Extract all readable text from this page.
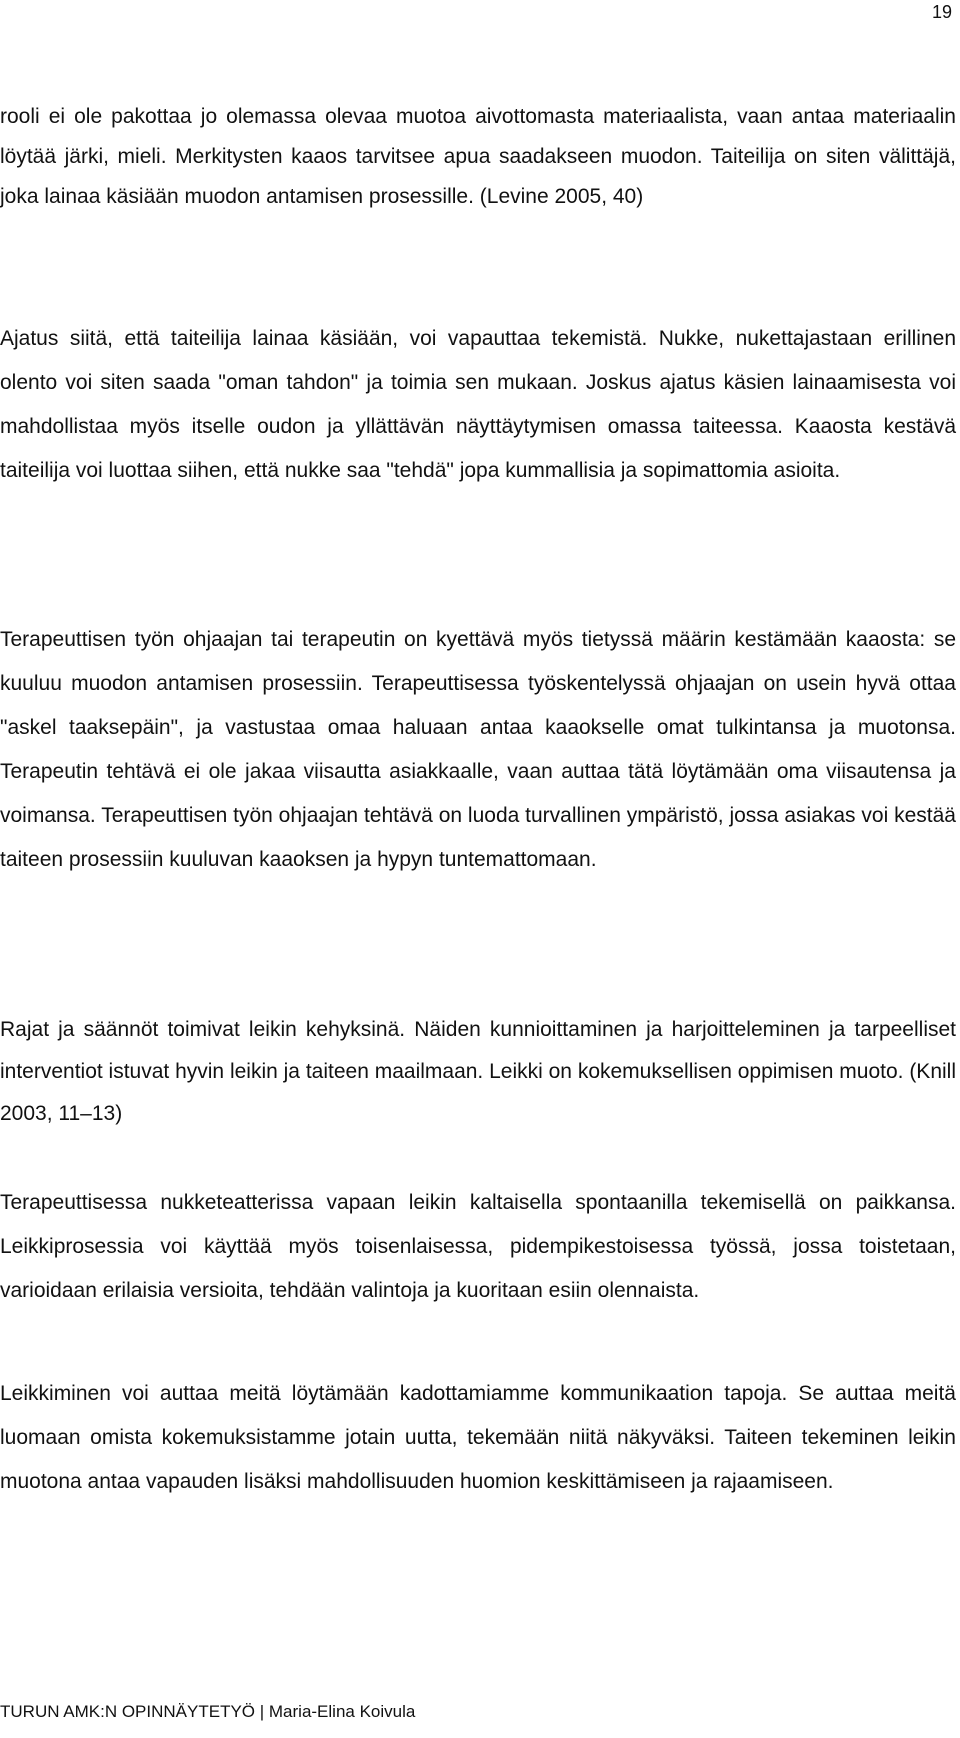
19

rooli ei ole pakottaa jo olemassa olevaa muotoa aivottomasta materiaalista, vaan antaa materiaalin löytää järki, mieli. Merkitysten kaaos tarvitsee apua saadakseen muodon. Taiteilija on siten välittäjä, joka lainaa käsiään muodon antamisen prosessille. (Levine 2005, 40)

Ajatus siitä, että taiteilija lainaa käsiään, voi vapauttaa tekemistä. Nukke, nukettajastaan erillinen olento voi siten saada "oman tahdon" ja toimia sen mukaan. Joskus ajatus käsien lainaamisesta voi mahdollistaa myös itselle oudon ja yllättävän näyttäytymisen omassa taiteessa. Kaaosta kestävä taiteilija voi luottaa siihen, että nukke saa "tehdä" jopa kummallisia ja sopimattomia asioita.

Terapeuttisen työn ohjaajan tai terapeutin on kyettävä myös tietyssä määrin kestämään kaaosta: se kuuluu muodon antamisen prosessiin. Terapeuttisessa työskentelyssä ohjaajan on usein hyvä ottaa "askel taaksepäin", ja vastustaa omaa haluaan antaa kaaokselle omat tulkintansa ja muotonsa. Terapeutin tehtävä ei ole jakaa viisautta asiakkaalle, vaan auttaa tätä löytämään oma viisautensa ja voimansa. Terapeuttisen työn ohjaajan tehtävä on luoda turvallinen ympäristö, jossa asiakas voi kestää taiteen prosessiin kuuluvan kaaoksen ja hypyn tuntemattomaan.

Rajat ja säännöt toimivat leikin kehyksinä. Näiden kunnioittaminen ja harjoitteleminen ja tarpeelliset interventiot istuvat hyvin leikin ja taiteen maailmaan. Leikki on kokemuksellisen oppimisen muoto. (Knill 2003, 11–13)

Terapeuttisessa nukketeatterissa vapaan leikin kaltaisella spontaanilla tekemisellä on paikkansa. Leikkiprosessia voi käyttää myös toisenlaisessa, pidempikestoisessa työssä, jossa toistetaan, varioidaan erilaisia versioita, tehdään valintoja ja kuoritaan esiin olennaista.

Leikkiminen voi auttaa meitä löytämään kadottamiamme kommunikaation tapoja. Se auttaa meitä luomaan omista kokemuksistamme jotain uutta, tekemään niitä näkyväksi. Taiteen tekeminen leikin muotona antaa vapauden lisäksi mahdollisuuden huomion keskittämiseen ja rajaamiseen.

TURUN AMK:N OPINNÄYTETYÖ | Maria-Elina Koivula
